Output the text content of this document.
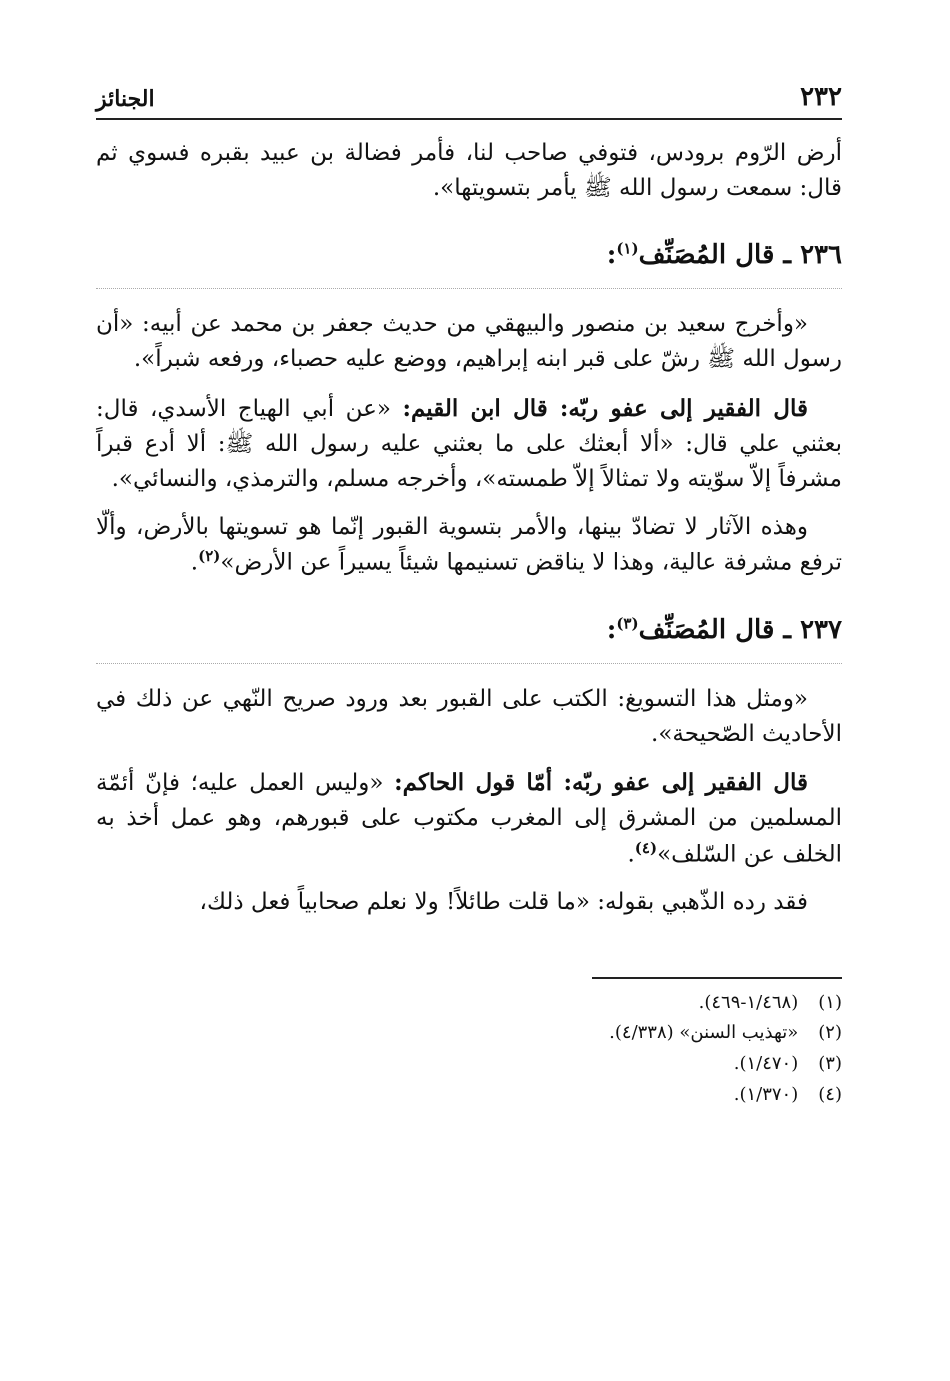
٢٣٢
الجنائز

أرض الرّوم برودس، فتوفي صاحب لنا، فأمر فضالة بن عبيد بقبره فسوي ثم قال: سمعت رسول الله ﷺ يأمر بتسويتها».

٢٣٦ ـ قال المُصَنِّف$^{(١)}$:

«وأخرج سعيد بن منصور والبيهقي من حديث جعفر بن محمد عن أبيه: «أن رسول الله ﷺ رشّ على قبر ابنه إبراهيم، ووضع عليه حصباء، ورفعه شبراً».

قال الفقير إلى عفو ربّه: قال ابن القيم: «عن أبي الهياج الأسدي، قال: بعثني علي قال: «ألا أبعثك على ما بعثني عليه رسول الله ﷺ: ألا أدع قبراً مشرفاً إلاّ سوّيته ولا تمثالاً إلاّ طمسته»، وأخرجه مسلم، والترمذي، والنسائي».

وهذه الآثار لا تضادّ بينها، والأمر بتسوية القبور إنّما هو تسويتها بالأرض، وألّا ترفع مشرفة عالية، وهذا لا يناقض تسنيمها شيئاً يسيراً عن الأرض»$^{(٢)}$.

٢٣٧ ـ قال المُصَنِّف$^{(٣)}$:

«ومثل هذا التسويغ: الكتب على القبور بعد ورود صريح النّهي عن ذلك في الأحاديث الصّحيحة».

قال الفقير إلى عفو ربّه: أمّا قول الحاكم: «وليس العمل عليه؛ فإنّ أئمّة المسلمين من المشرق إلى المغرب مكتوب على قبورهم، وهو عمل أخذ به الخلف عن السّلف»$^{(٤)}$.

فقد رده الذّهبي بقوله: «ما قلت طائلاً! ولا نعلم صحابياً فعل ذلك،

(١) (١/٤٦٨-٤٦٩).
(٢) «تهذيب السنن» (٤/٣٣٨).
(٣) (١/٤٧٠).
(٤) (١/٣٧٠).
